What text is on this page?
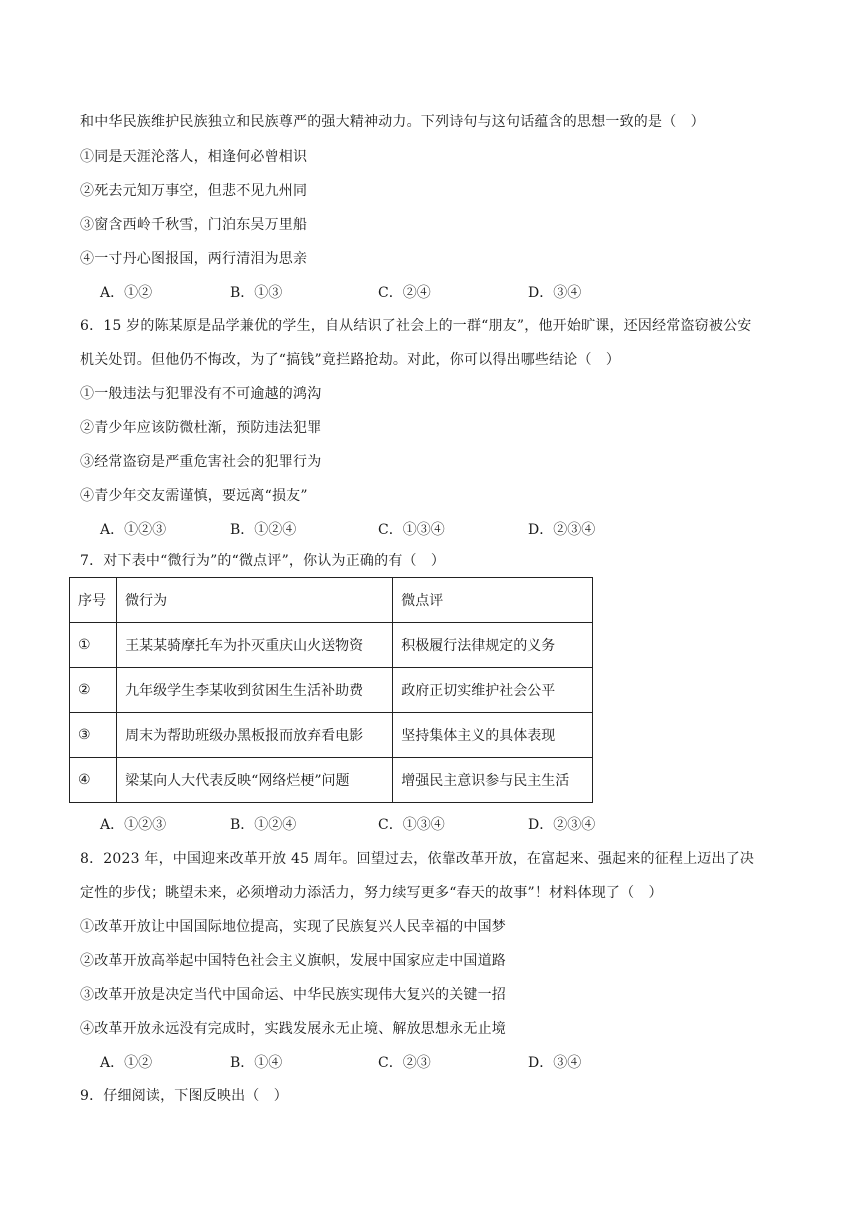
和中华民族维护民族独立和民族尊严的强大精神动力。下列诗句与这句话蕴含的思想一致的是（　）
①同是天涯沦落人，相逢何必曾相识
②死去元知万事空，但悲不见九州同
③窗含西岭千秋雪，门泊东吴万里船
④一寸丹心图报国，两行清泪为思亲
A．①②	B．①③	C．②④	D．③④
6．15 岁的陈某原是品学兼优的学生，自从结识了社会上的一群“朋友”，他开始旷课，还因经常盗窃被公安
机关处罚。但他仍不悔改，为了“搞钱”竟拦路抢劫。对此，你可以得出哪些结论（　）
①一般违法与犯罪没有不可逾越的鸿沟
②青少年应该防微杜渐，预防违法犯罪
③经常盗窃是严重危害社会的犯罪行为
④青少年交友需谨慎，要远离“损友”
A．①②③	B．①②④	C．①③④	D．②③④
7．对下表中“微行为”的“微点评”，你认为正确的有（　）
序号	微行为	微点评
①	王某某骑摩托车为扑灭重庆山火送物资	积极履行法律规定的义务
②	九年级学生李某收到贫困生生活补助费	政府正切实维护社会公平
③	周末为帮助班级办黑板报而放弃看电影	坚持集体主义的具体表现
④	梁某向人大代表反映“网络烂梗”问题	增强民主意识参与民主生活
A．①②③	B．①②④	C．①③④	D．②③④
8．2023 年，中国迎来改革开放 45 周年。回望过去，依靠改革开放，在富起来、强起来的征程上迈出了决
定性的步伐；眺望未来，必须增动力添活力，努力续写更多“春天的故事”！材料体现了（　）
①改革开放让中国国际地位提高，实现了民族复兴人民幸福的中国梦
②改革开放高举起中国特色社会主义旗帜，发展中国家应走中国道路
③改革开放是决定当代中国命运、中华民族实现伟大复兴的关键一招
④改革开放永远没有完成时，实践发展永无止境、解放思想永无止境
A．①②	B．①④	C．②③	D．③④
9．仔细阅读，下图反映出（　）
